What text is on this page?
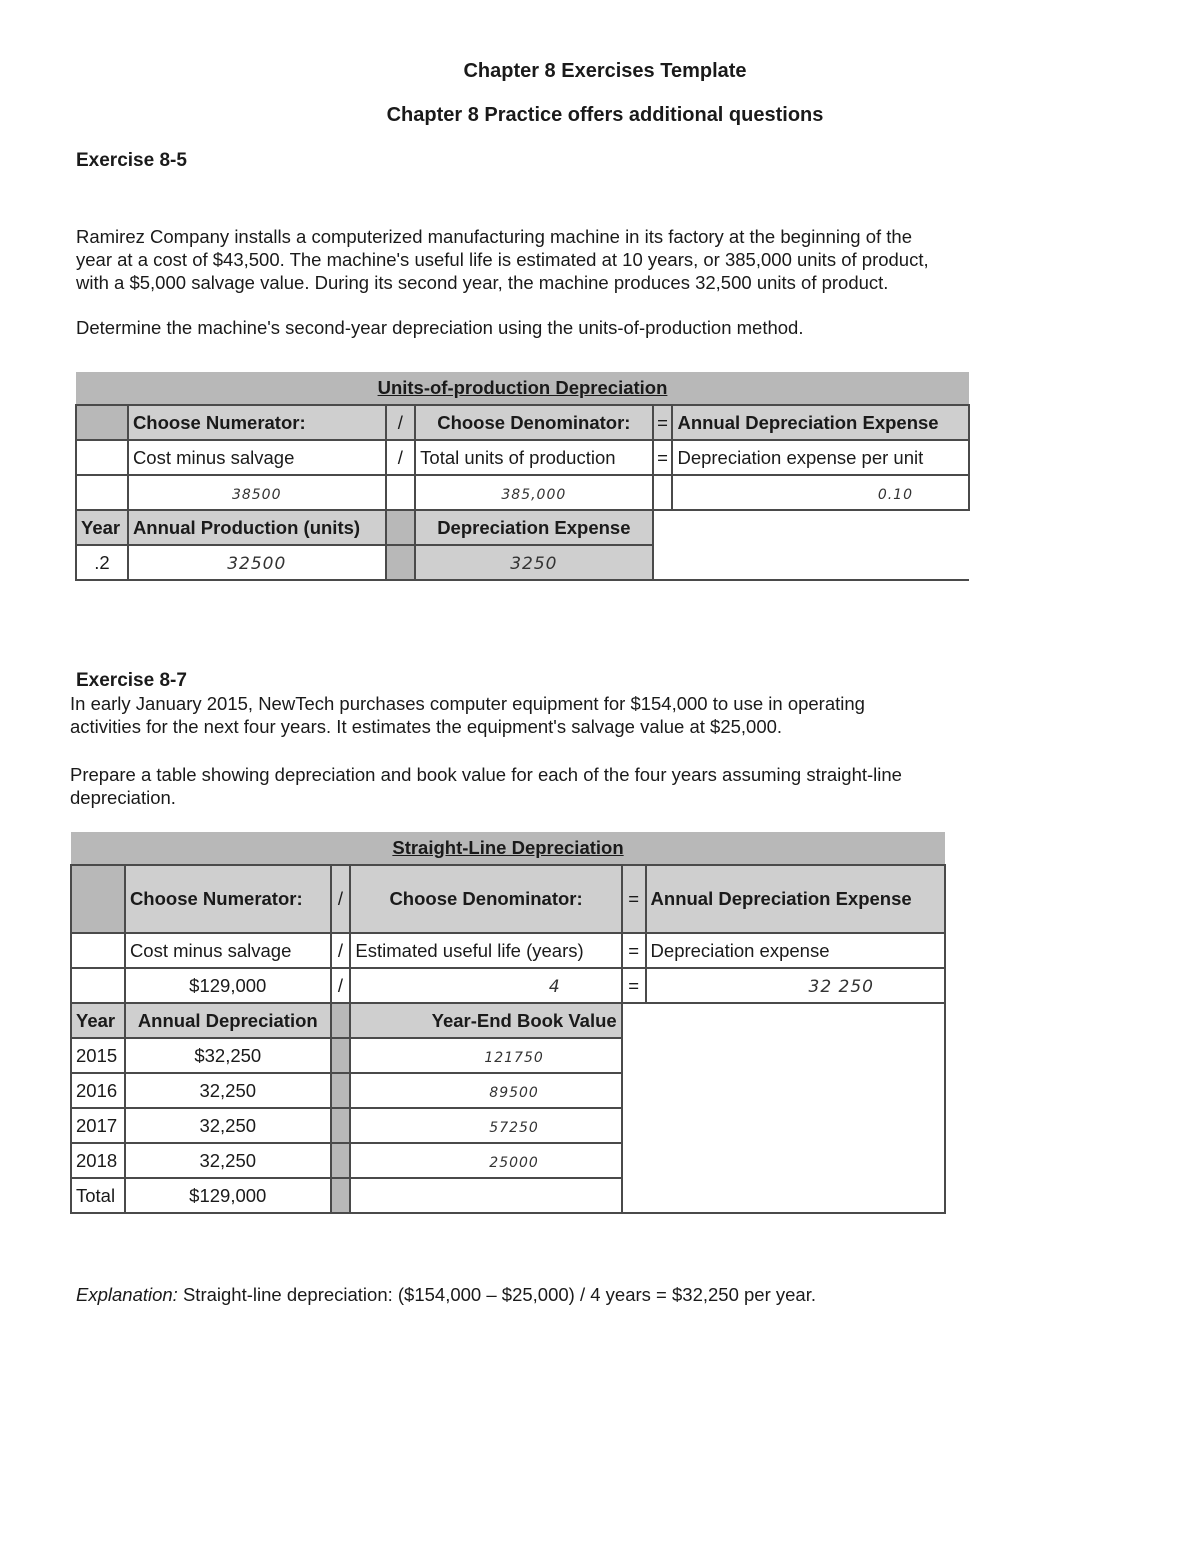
Chapter 8 Exercises Template
Chapter 8 Practice offers additional questions
Exercise 8-5
Ramirez Company installs a computerized manufacturing machine in its factory at the beginning of the
year at a cost of $43,500. The machine's useful life is estimated at 10 years, or 385,000 units of product,
with a $5,000 salvage value. During its second year, the machine produces 32,500 units of product.
Determine the machine's second-year depreciation using the units-of-production method.
Units-of-production Depreciation					

	Choose Numerator:	/	Choose Denominator:	=	Annual Depreciation Expense
	Cost minus salvage	/	Total units of production	=	Depreciation expense per unit
	38500		385,000		0.10
Year	Annual Production (units)		Depreciation Expense		
.2	32500		3250		
Exercise 8-7
In early January 2015, NewTech purchases computer equipment for $154,000 to use in operating
activities for the next four years. It estimates the equipment's salvage value at $25,000.
Prepare a table showing depreciation and book value for each of the four years assuming straight-line
depreciation.
Straight-Line Depreciation					

	Choose Numerator:	/	Choose Denominator:	=	Annual Depreciation Expense
	Cost minus salvage	/	Estimated useful life (years)	=	Depreciation expense
	$129,000	/	4	=	32 250
Year	Annual Depreciation		Year-End Book Value		
2015	$32,250		121750		
2016	32,250		89500		
2017	32,250		57250		
2018	32,250		25000		
Total	$129,000				
Explanation: Straight-line depreciation: ($154,000 – $25,000) / 4 years = $32,250 per year.
